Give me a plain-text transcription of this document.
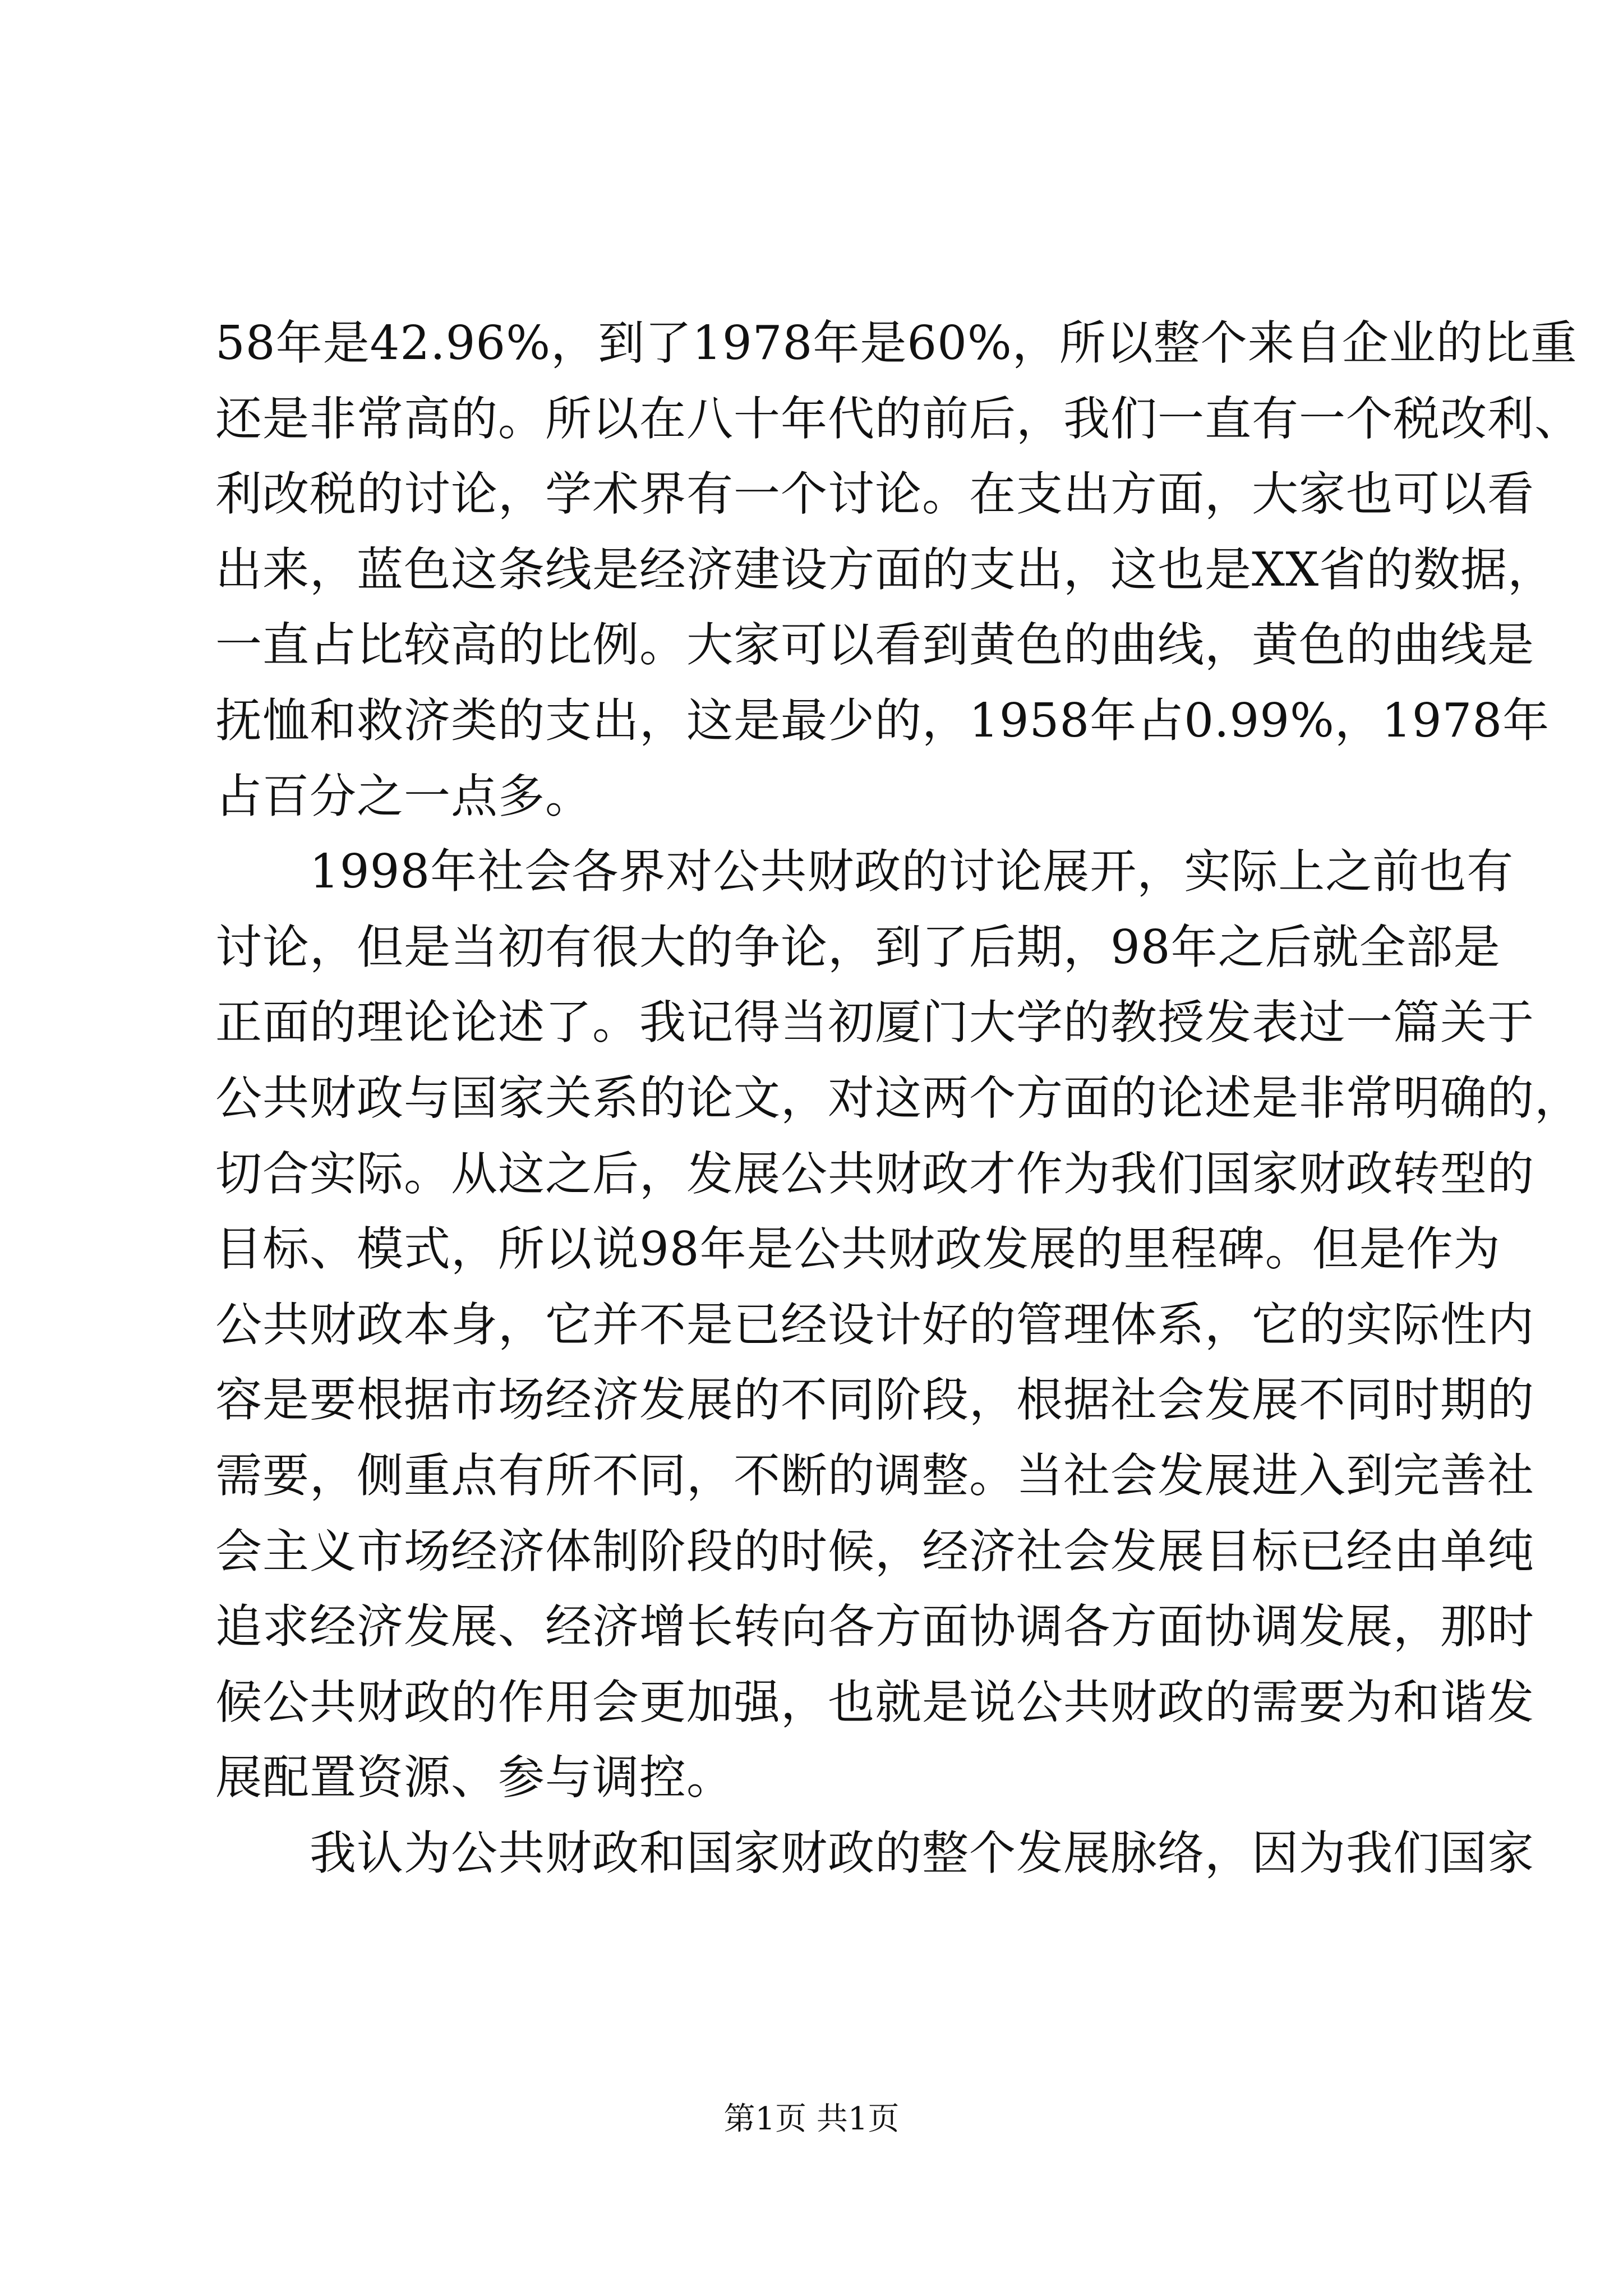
58年是42.96%，到了1978年是60%，所以整个来自企业的比重
还是非常高的。所以在八十年代的前后，我们一直有一个税改利、
利改税的讨论，学术界有一个讨论。在支出方面，大家也可以看
出来，蓝色这条线是经济建设方面的支出，这也是XX省的数据，
一直占比较高的比例。大家可以看到黄色的曲线，黄色的曲线是
抚恤和救济类的支出，这是最少的，1958年占0.99%，1978年
占百分之一点多。
　　1998年社会各界对公共财政的讨论展开，实际上之前也有
讨论，但是当初有很大的争论，到了后期，98年之后就全部是
正面的理论论述了。我记得当初厦门大学的教授发表过一篇关于
公共财政与国家关系的论文，对这两个方面的论述是非常明确的，
切合实际。从这之后，发展公共财政才作为我们国家财政转型的
目标、模式，所以说98年是公共财政发展的里程碑。但是作为
公共财政本身，它并不是已经设计好的管理体系，它的实际性内
容是要根据市场经济发展的不同阶段，根据社会发展不同时期的
需要，侧重点有所不同，不断的调整。当社会发展进入到完善社
会主义市场经济体制阶段的时候，经济社会发展目标已经由单纯
追求经济发展、经济增长转向各方面协调各方面协调发展，那时
候公共财政的作用会更加强，也就是说公共财政的需要为和谐发
展配置资源、参与调控。
　　我认为公共财政和国家财政的整个发展脉络，因为我们国家
第1页 共1页
